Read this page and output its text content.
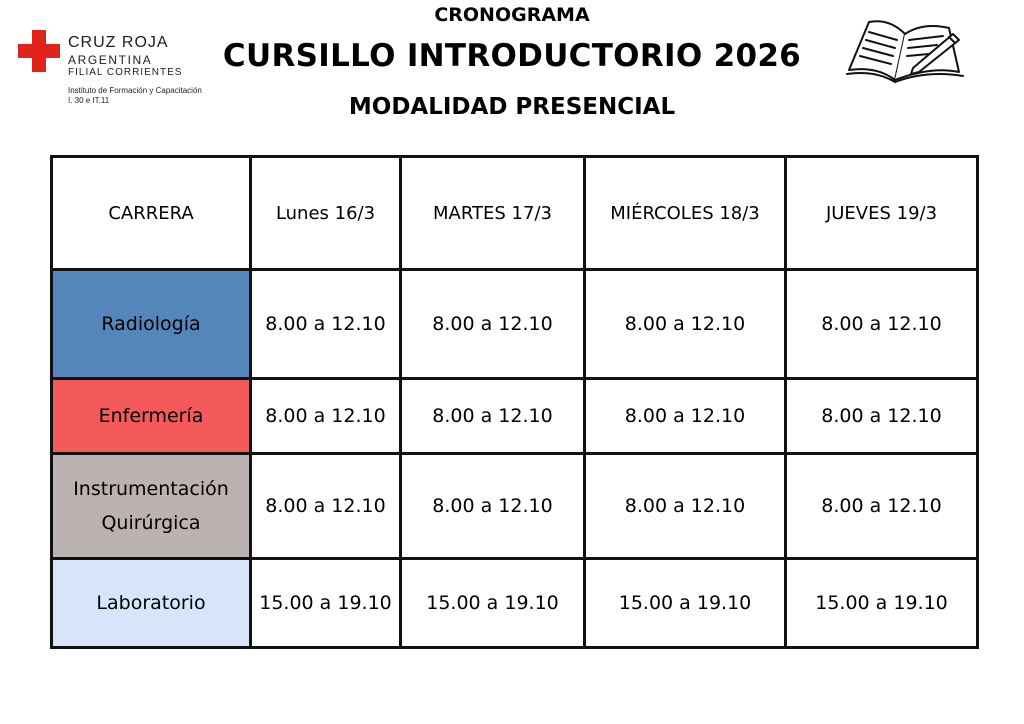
CRUZ ROJA
ARGENTINA
FILIAL CORRIENTES
Instituto de Formación y Capacitación
I. 30 e IT.11
CRONOGRAMA
CURSILLO INTRODUCTORIO 2026
MODALIDAD PRESENCIAL
CARRERA	Lunes 16/3	MARTES 17/3	MIÉRCOLES 18/3	JUEVES 19/3
Radiología	8.00 a 12.10	8.00 a 12.10	8.00 a 12.10	8.00 a 12.10
Enfermería	8.00 a 12.10	8.00 a 12.10	8.00 a 12.10	8.00 a 12.10

Instrumentación
Quirúrgica	8.00 a 12.10	8.00 a 12.10	8.00 a 12.10	8.00 a 12.10
Laboratorio	15.00 a 19.10	15.00 a 19.10	15.00 a 19.10	15.00 a 19.10
